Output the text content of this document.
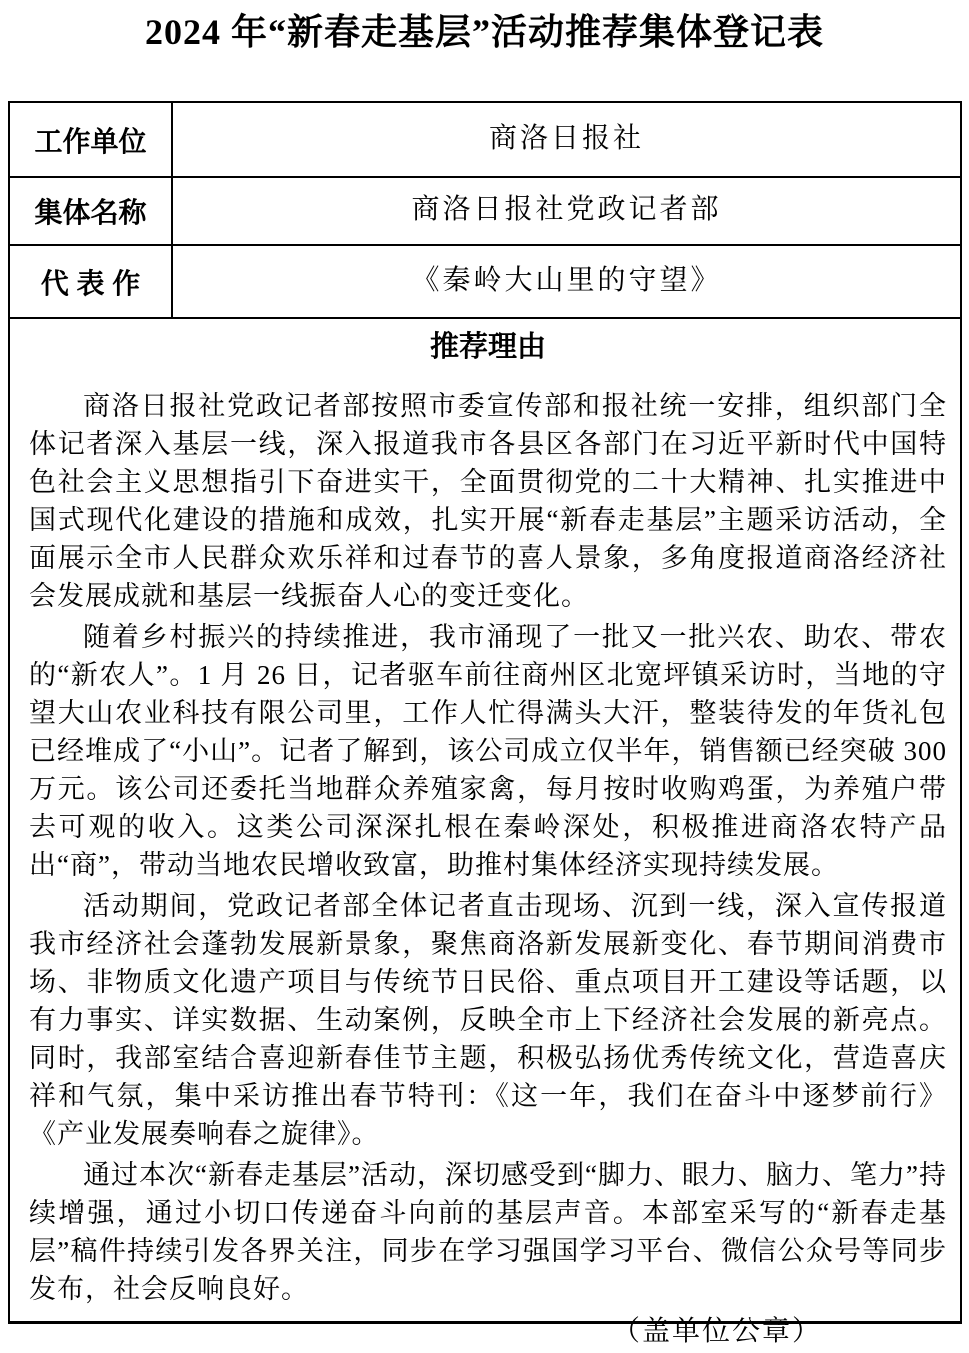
2024 年“新春走基层”活动推荐集体登记表
工作单位	商洛日报社
集体名称	商洛日报社党政记者部
代 表 作	《秦岭大山里的守望》
推荐理由

商洛日报社党政记者部按照市委宣传部和报社统一安排，组织部门全体记者深入基层一线，深入报道我市各县区各部门在习近平新时代中国特色社会主义思想指引下奋进实干，全面贯彻党的二十大精神、扎实推进中国式现代化建设的措施和成效，扎实开展“新春走基层”主题采访活动，全面展示全市人民群众欢乐祥和过春节的喜人景象，多角度报道商洛经济社会发展成就和基层一线振奋人心的变迁变化。

随着乡村振兴的持续推进，我市涌现了一批又一批兴农、助农、带农的“新农人”。1 月 26 日，记者驱车前往商州区北宽坪镇采访时，当地的守望大山农业科技有限公司里，工作人忙得满头大汗，整装待发的年货礼包已经堆成了“小山”。记者了解到，该公司成立仅半年，销售额已经突破 300 万元。该公司还委托当地群众养殖家禽，每月按时收购鸡蛋，为养殖户带去可观的收入。这类公司深深扎根在秦岭深处，积极推进商洛农特产品出“商”，带动当地农民增收致富，助推村集体经济实现持续发展。

活动期间，党政记者部全体记者直击现场、沉到一线，深入宣传报道我市经济社会蓬勃发展新景象，聚焦商洛新发展新变化、春节期间消费市场、非物质文化遗产项目与传统节日民俗、重点项目开工建设等话题，以有力事实、详实数据、生动案例，反映全市上下经济社会发展的新亮点。同时，我部室结合喜迎新春佳节主题，积极弘扬优秀传统文化，营造喜庆祥和气氛，集中采访推出春节特刊：《这一年，我们在奋斗中逐梦前行》《产业发展奏响春之旋律》。

通过本次“新春走基层”活动，深切感受到“脚力、眼力、脑力、笔力”持续增强，通过小切口传递奋斗向前的基层声音。本部室采写的“新春走基层”稿件持续引发各界关注，同步在学习强国学习平台、微信公众号等同步发布，社会反响良好。

（盖单位公章）
